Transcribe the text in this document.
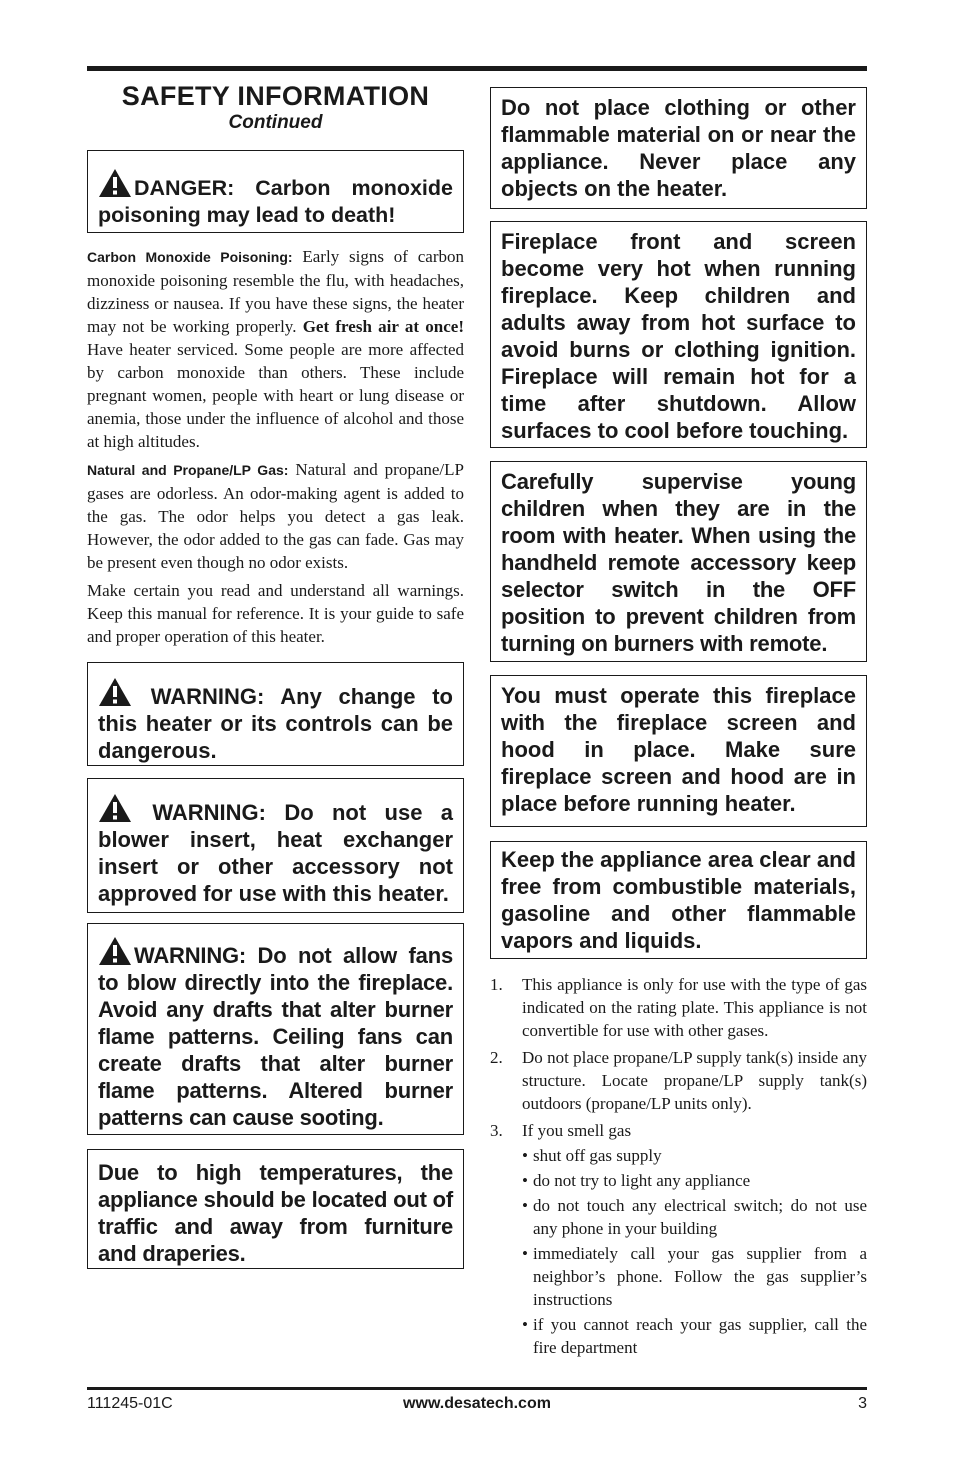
SAFETY INFORMATION
Continued
DANGER: Carbon monoxide poisoning may lead to death!

Carbon Monoxide Poisoning: Early signs of carbon monoxide poisoning resemble the flu, with headaches, dizziness or nausea. If you have these signs, the heater may not be working properly. Get fresh air at once! Have heater serviced. Some people are more affected by carbon monoxide than others. These include pregnant women, people with heart or lung disease or anemia, those under the influence of alcohol and those at high altitudes.

Natural and Propane/LP Gas: Natural and propane/LP gases are odorless. An odor-making agent is added to the gas. The odor helps you detect a gas leak. However, the odor added to the gas can fade. Gas may be present even though no odor exists.

Make certain you read and understand all warnings. Keep this manual for reference. It is your guide to safe and proper operation of this heater.

WARNING: Any change to this heater or its controls can be dangerous.
WARNING: Do not use a blower insert, heat exchanger insert or other accessory not approved for use with this heater.
WARNING: Do not allow fans to blow directly into the fireplace. Avoid any drafts that alter burner flame patterns. Ceiling fans can create drafts that alter burner flame patterns. Altered burner patterns can cause sooting.
Due to high temperatures, the appliance should be located out of traffic and away from furniture and draperies.
Do not place clothing or other flammable material on or near the appliance. Never place any objects on the heater.
Fireplace front and screen become very hot when running fireplace. Keep children and adults away from hot surface to avoid burns or clothing ignition. Fireplace will remain hot for a time after shutdown. Allow surfaces to cool before touching.
Carefully supervise young children when they are in the room with heater. When using the handheld remote accessory keep selector switch in the OFF position to prevent children from turning on burners with remote.
You must operate this fireplace with the fireplace screen and hood in place. Make sure fireplace screen and hood are in place before running heater.
Keep the appliance area clear and free from combustible materials, gasoline and other flammable vapors and liquids.
1. This appliance is only for use with the type of gas indicated on the rating plate. This appliance is not convertible for use with other gases.
2. Do not place propane/LP supply tank(s) inside any structure. Locate propane/LP supply tank(s) outdoors (propane/LP units only).
3. If you smell gas
• shut off gas supply
• do not try to light any appliance
• do not touch any electrical switch; do not use any phone in your building
• immediately call your gas supplier from a neighbor’s phone. Follow the gas supplier’s instructions
• if you cannot reach your gas supplier, call the fire department
111245-01C	www.desatech.com	3
